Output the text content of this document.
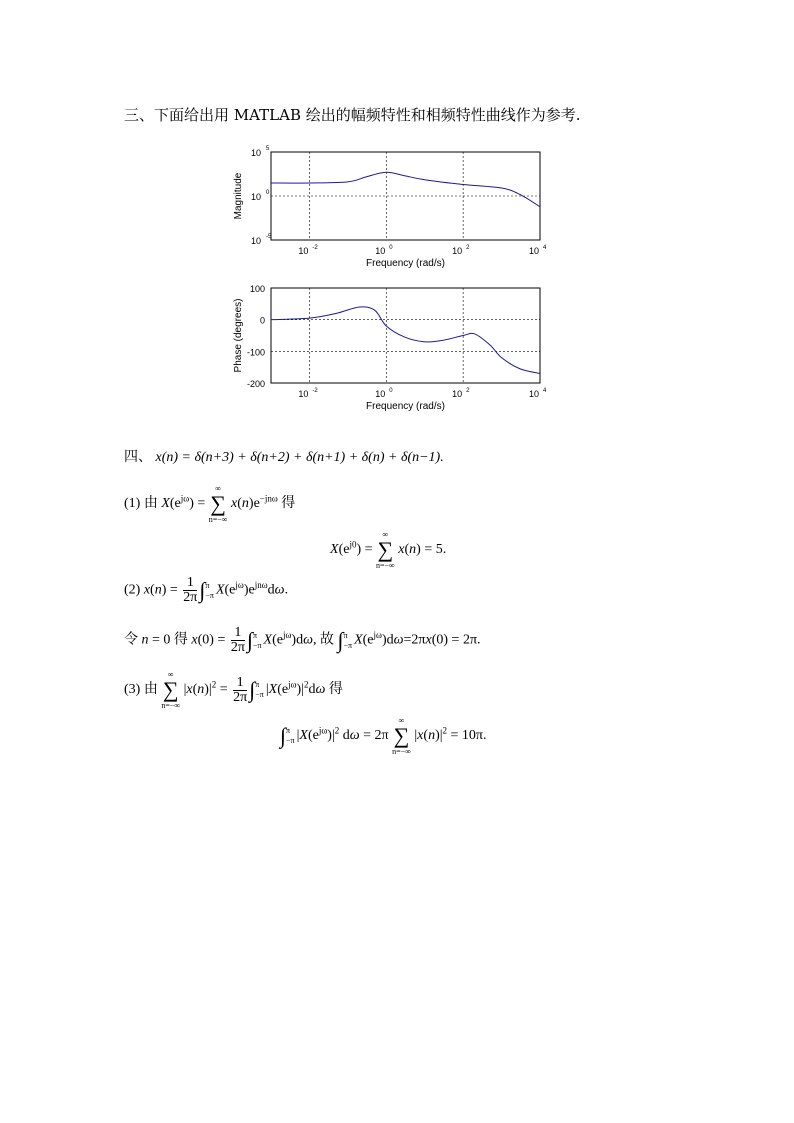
三、下面给出用 MATLAB 绘出的幅频特性和相频特性曲线作为参考.
10 -2	10 0	10 2	10 4
10 5
10 0
10 -5
Frequency (rad/s)
Magnitude
10 -2	10 0	10 2	10 4
100
0
-100
-200
Frequency (rad/s)
Phase (degrees)
四、 x(n) = δ(n+3) + δ(n+2) + δ(n+1) + δ(n) + δ(n−1).
(1) 由 $X(e^{j\omega})$ =
∞
∑
n=−∞
$x(n)e^{-jn\omega}$ 得
$X(e^{j0})$ =
∞
∑
n=−∞
x(n) = 5.
(2) $x(n) = \frac{1}{2\pi}$ ∫ π
−π $X(e^{j\omega})e^{jn\omega}d\omega$.
令 n = 0 得 $x(0) = \frac{1}{2\pi}$ ∫ π
−π $X(e^{j\omega})d\omega$, 故 ∫ π
−π $X(e^{j\omega})d\omega=2\pi x(0) = 2\pi$.
(3) 由
∞
∑
n=−∞
$|x(n)|^2 = \frac{1}{2\pi}$ ∫ π
−π $|X(e^{j\omega})|^2d\omega$ 得
∫ π
−π $|X(e^{j\omega})|^2$ dω = 2π
∞
∑
n=−∞
$|x(n)|^2 = 10\pi$.
